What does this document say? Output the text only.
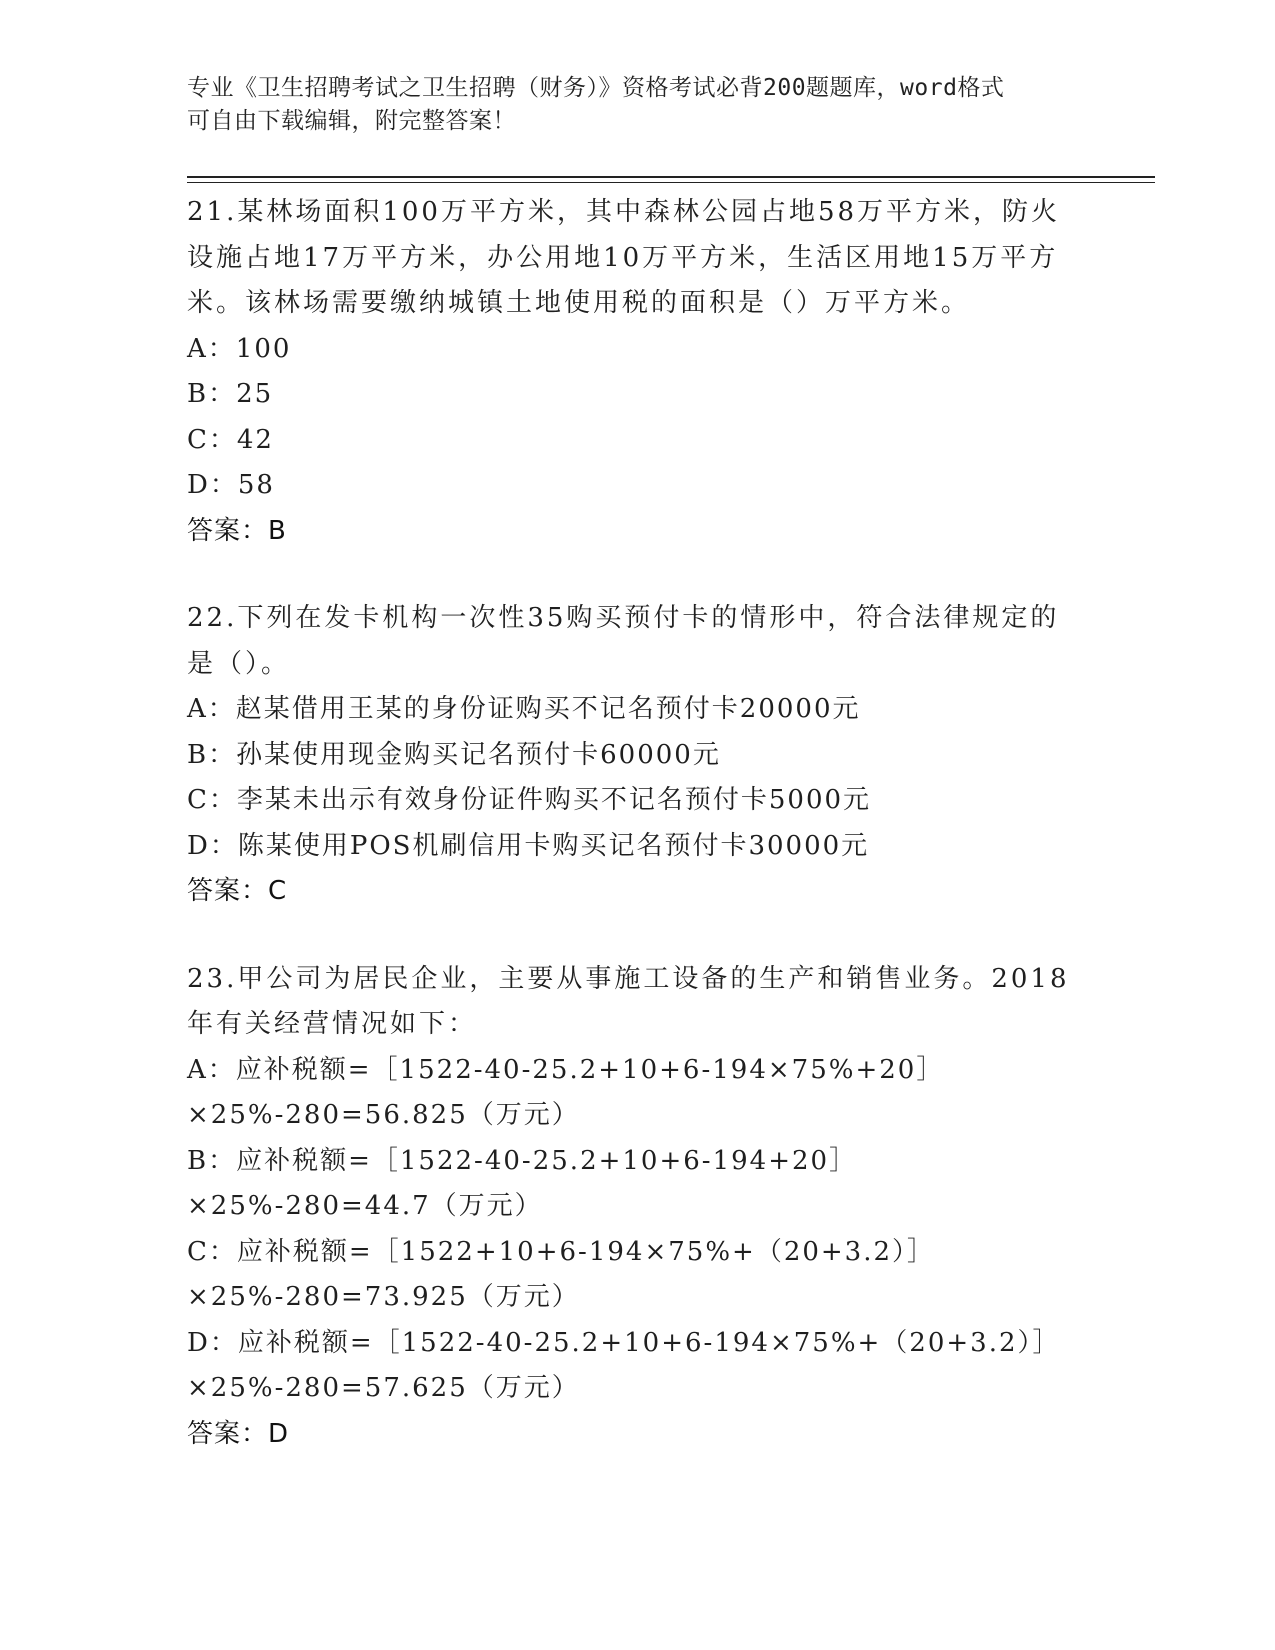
专业《卫生招聘考试之卫生招聘（财务）》资格考试必背200题题库，word格式
可自由下载编辑，附完整答案！
21.某林场面积100万平方米，其中森林公园占地58万平方米，防火设施占地17万平方米，办公用地10万平方米，生活区用地15万平方米。该林场需要缴纳城镇土地使用税的面积是（）万平方米。
A：100
B：25
C：42
D：58
答案：B
22.下列在发卡机构一次性35购买预付卡的情形中，符合法律规定的是（）。
A：赵某借用王某的身份证购买不记名预付卡20000元
B：孙某使用现金购买记名预付卡60000元
C：李某未出示有效身份证件购买不记名预付卡5000元
D：陈某使用POS机刷信用卡购买记名预付卡30000元
答案：C
23.甲公司为居民企业，主要从事施工设备的生产和销售业务。2018年有关经营情况如下：
A：应补税额=［1522-40-25.2+10+6-194×75%+20］×25%-280=56.825（万元）
B：应补税额=［1522-40-25.2+10+6-194+20］×25%-280=44.7（万元）
C：应补税额=［1522+10+6-194×75%+（20+3.2）］×25%-280=73.925（万元）
D：应补税额=［1522-40-25.2+10+6-194×75%+（20+3.2）］×25%-280=57.625（万元）
答案：D
